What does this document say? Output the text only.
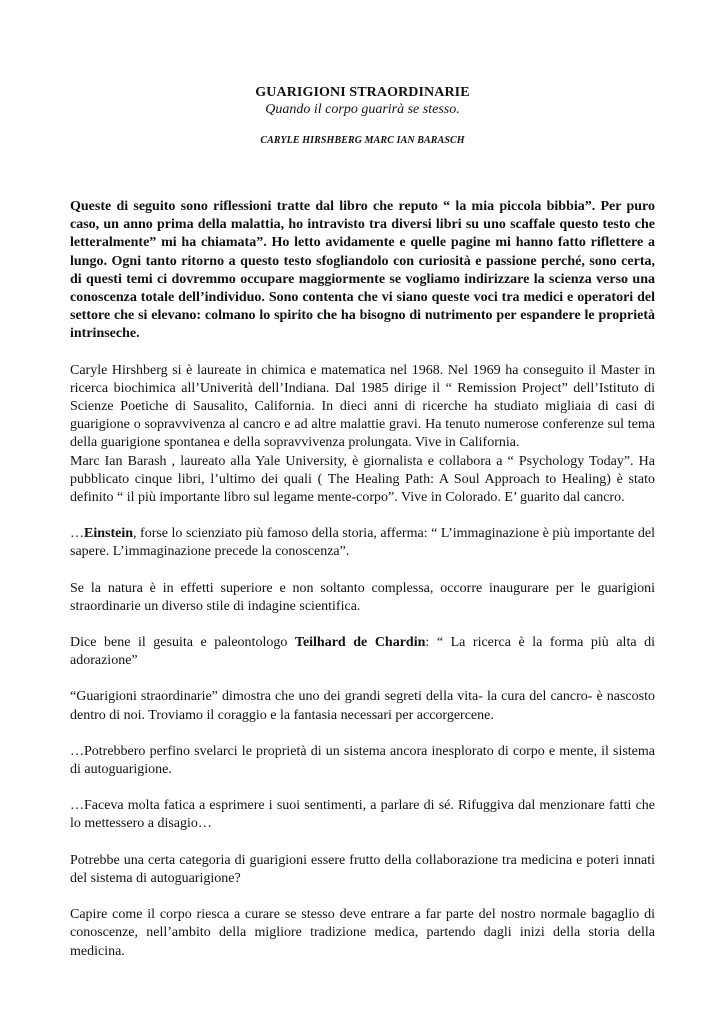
GUARIGIONI STRAORDINARIE
Quando il corpo guarirà se stesso.
CARYLE HIRSHBERG MARC IAN BARASCH

Queste di seguito sono riflessioni tratte dal libro che reputo “ la mia piccola bibbia”. Per puro caso, un anno prima della malattia, ho intravisto tra diversi libri su uno scaffale questo testo che letteralmente” mi ha chiamata”. Ho letto avidamente e quelle pagine mi hanno fatto riflettere a lungo. Ogni tanto ritorno a questo testo sfogliandolo con curiosità e passione perché, sono certa, di questi temi ci dovremmo occupare maggiormente se vogliamo indirizzare la scienza verso una conoscenza totale dell’individuo. Sono contenta che vi siano queste voci tra medici e operatori del settore che si elevano: colmano lo spirito che ha bisogno di nutrimento per espandere le proprietà intrinseche.

Caryle Hirshberg si è laureate in chimica e matematica nel 1968. Nel 1969 ha conseguito il Master in ricerca biochimica all’Univerità dell’Indiana. Dal 1985 dirige il “ Remission Project” dell’Istituto di Scienze Poetiche di Sausalito, California. In dieci anni di ricerche ha studiato migliaia di casi di guarigione o sopravvivenza al cancro e ad altre malattie gravi. Ha tenuto numerose conferenze sul tema della guarigione spontanea e della sopravvivenza prolungata. Vive in California.

Marc Ian Barash , laureato alla Yale University, è giornalista e collabora a “ Psychology Today”. Ha pubblicato cinque libri, l’ultimo dei quali ( The Healing Path: A Soul Approach to Healing) è stato definito “ il più importante libro sul legame mente-corpo”. Vive in Colorado. E’ guarito dal cancro.

…Einstein, forse lo scienziato più famoso della storia, afferma: “ L’immaginazione è più importante del sapere. L’immaginazione precede la conoscenza”.

Se la natura è in effetti superiore e non soltanto complessa, occorre inaugurare per le guarigioni straordinarie un diverso stile di indagine scientifica.

Dice bene il gesuita e paleontologo Teilhard de Chardin: “ La ricerca è la forma più alta di adorazione”

“Guarigioni straordinarie” dimostra che uno dei grandi segreti della vita- la cura del cancro- è nascosto dentro di noi. Troviamo il coraggio e la fantasia necessari per accorgercene.

…Potrebbero perfino svelarci le proprietà di un sistema ancora inesplorato di corpo e mente, il sistema di autoguarigione.

…Faceva molta fatica a esprimere i suoi sentimenti, a parlare di sé. Rifuggiva dal menzionare fatti che lo mettessero a disagio…

Potrebbe una certa categoria di guarigioni essere frutto della collaborazione tra medicina e poteri innati del sistema di autoguarigione?

Capire come il corpo riesca a curare se stesso deve entrare a far parte del nostro normale bagaglio di conoscenze, nell’ambito della migliore tradizione medica, partendo dagli inizi della storia della medicina.
